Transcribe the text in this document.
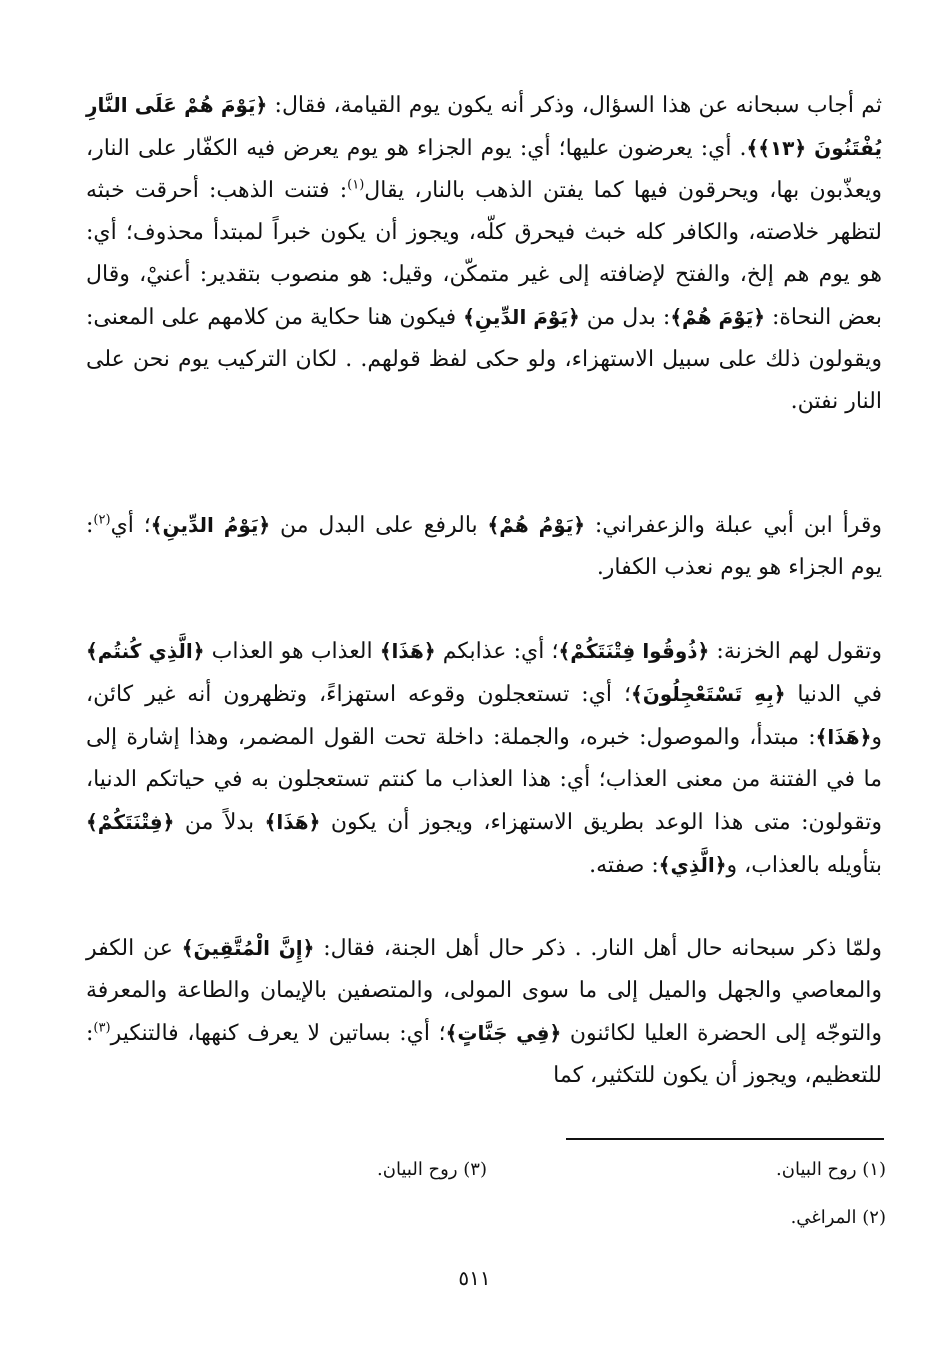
ثم أجاب سبحانه عن هذا السؤال، وذكر أنه يكون يوم القيامة، فقال: ﴿يَوْمَ هُمْ عَلَى النَّارِ يُفْتَنُونَ ﴿١٣﴾﴾. أي: يعرضون عليها؛ أي: يوم الجزاء هو يوم يعرض فيه الكفّار على النار، ويعذّبون بها، ويحرقون فيها كما يفتن الذهب بالنار، يقال$^{(١)}$: فتنت الذهب: أحرقت خبثه لتظهر خلاصته، والكافر كله خبث فيحرق كلّه، ويجوز أن يكون خبراً لمبتدأ محذوف؛ أي: هو يوم هم إلخ، والفتح لإضافته إلى غير متمكّن، وقيل: هو منصوب بتقدير: أعنيْ، وقال بعض النحاة: ﴿يَوْمَ هُمْ﴾: بدل من ﴿يَوْمَ الدِّينِ﴾ فيكون هنا حكاية من كلامهم على المعنى: ويقولون ذلك على سبيل الاستهزاء، ولو حكى لفظ قولهم. . لكان التركيب يوم نحن على النار نفتن.

وقرأ ابن أبي عبلة والزعفراني: ﴿يَوْمُ هُمْ﴾ بالرفع على البدل من ﴿يَوْمُ الدِّينِ﴾؛ أي$^{(٢)}$: يوم الجزاء هو يوم نعذب الكفار.

وتقول لهم الخزنة: ﴿ذُوقُوا فِتْنَتَكُمْ﴾؛ أي: عذابكم ﴿هَذَا﴾ العذاب هو العذاب ﴿الَّذِي كُنتُم﴾ في الدنيا ﴿بِهِ تَسْتَعْجِلُونَ﴾؛ أي: تستعجلون وقوعه استهزاءً، وتظهرون أنه غير كائن، و﴿هَذَا﴾: مبتدأ، والموصول: خبره، والجملة: داخلة تحت القول المضمر، وهذا إشارة إلى ما في الفتنة من معنى العذاب؛ أي: هذا العذاب ما كنتم تستعجلون به في حياتكم الدنيا، وتقولون: متى هذا الوعد بطريق الاستهزاء، ويجوز أن يكون ﴿هَذَا﴾ بدلاً من ﴿فِتْنَتَكُمْ﴾ بتأويله بالعذاب، و﴿الَّذِي﴾: صفته.

ولمّا ذكر سبحانه حال أهل النار. . ذكر حال أهل الجنة، فقال: ﴿إِنَّ الْمُتَّقِينَ﴾ عن الكفر والمعاصي والجهل والميل إلى ما سوى المولى، والمتصفين بالإيمان والطاعة والمعرفة والتوجّه إلى الحضرة العليا لكائنون ﴿فِي جَنَّاتٍ﴾؛ أي: بساتين لا يعرف كنهها، فالتنكير$^{(٣)}$: للتعظيم، ويجوز أن يكون للتكثير، كما

(١) روح البيان.
(٣) روح البيان.
(٢) المراغي.
٥١١
